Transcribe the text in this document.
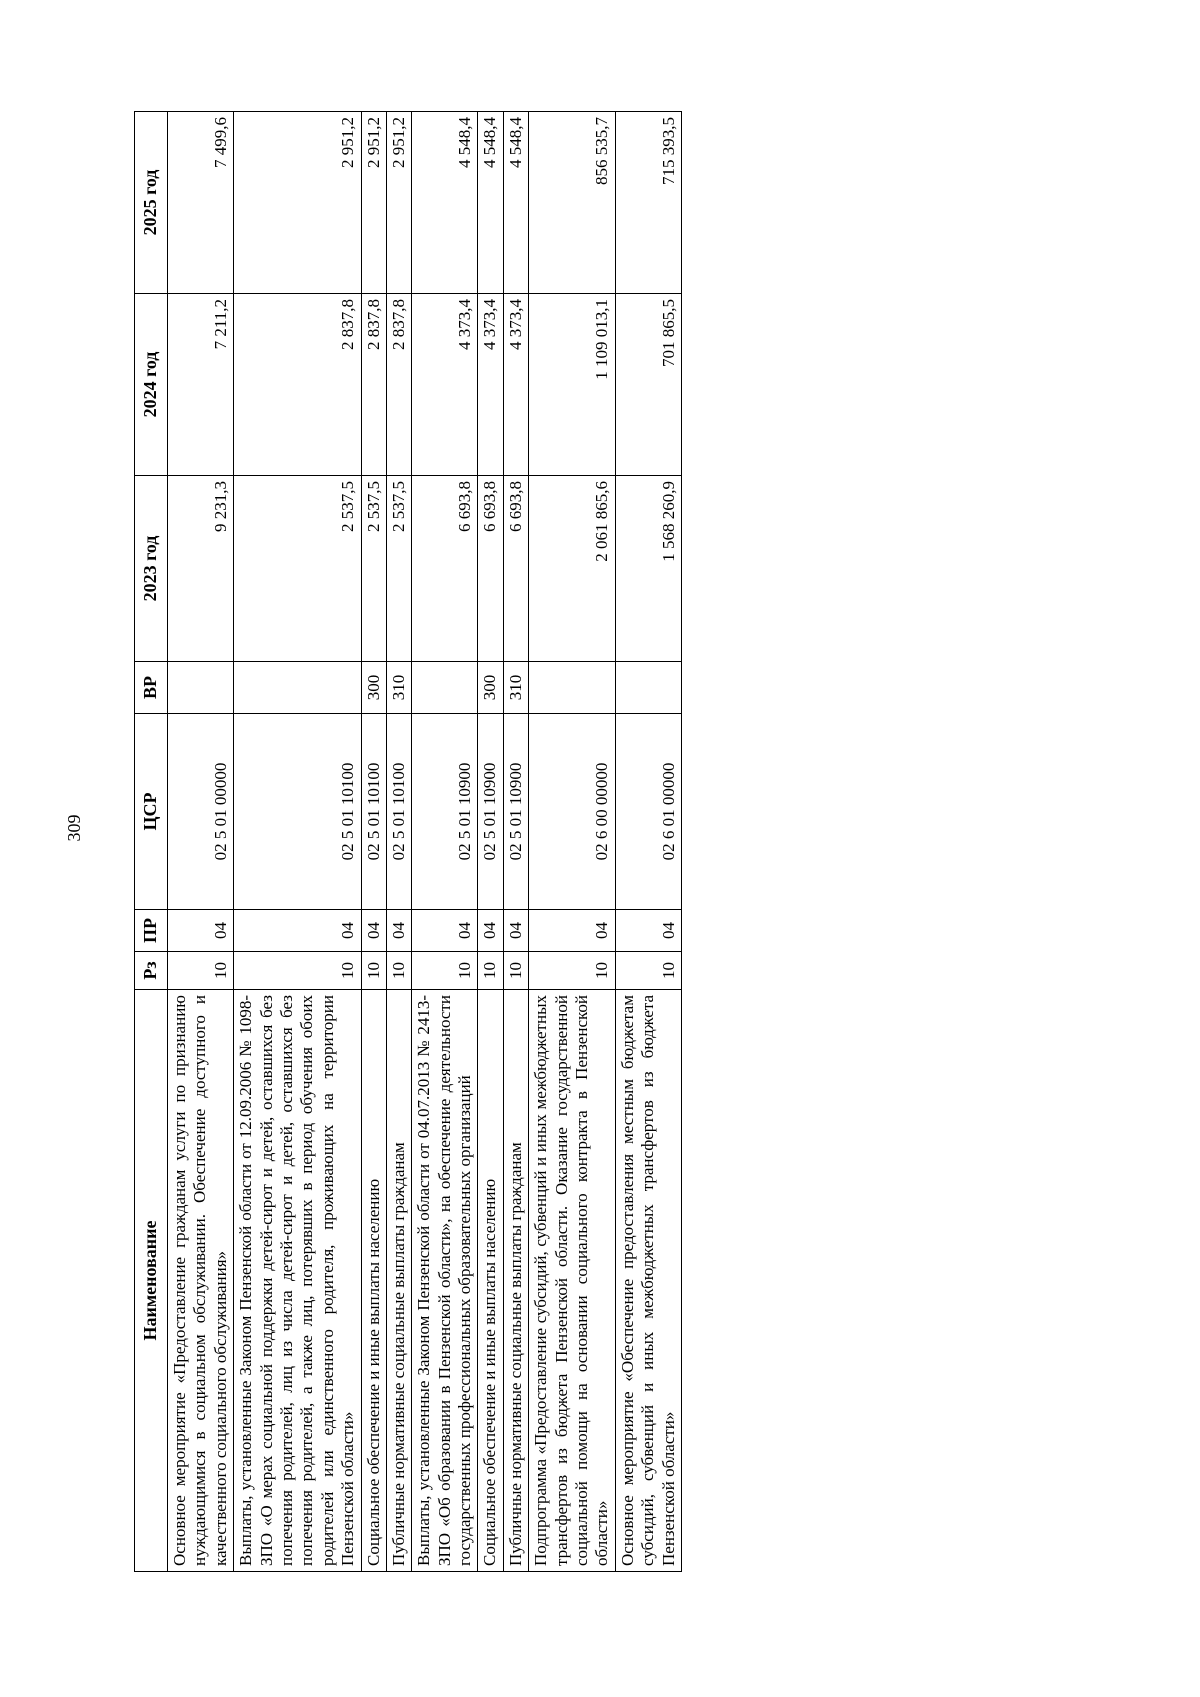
309
Наименование	Рз	ПР	ЦСР	ВР	2023 год	2024 год	2025 год
Основное мероприятие «Предоставление гражданам услуги по признанию нуждающимися в социальном обслуживании. Обеспечение доступного и качественного социального обслуживания»	10	04	02 5 01 00000		9 231,3	7 211,2	7 499,6
Выплаты, установленные Законом Пензенской области от 12.09.2006 № 1098-ЗПО «О мерах социальной поддержки детей-сирот и детей, оставшихся без попечения родителей, лиц из числа детей-сирот и детей, оставшихся без попечения родителей, а также лиц, потерявших в период обучения обоих родителей или единственного родителя, проживающих на территории Пензенской области»	10	04	02 5 01 10100		2 537,5	2 837,8	2 951,2
Социальное обеспечение и иные выплаты населению	10	04	02 5 01 10100	300	2 537,5	2 837,8	2 951,2
Публичные нормативные социальные выплаты гражданам	10	04	02 5 01 10100	310	2 537,5	2 837,8	2 951,2
Выплаты, установленные Законом Пензенской области от 04.07.2013 № 2413-ЗПО «Об образовании в Пензенской области», на обеспечение деятельности государственных профессиональных образовательных организаций	10	04	02 5 01 10900		6 693,8	4 373,4	4 548,4
Социальное обеспечение и иные выплаты населению	10	04	02 5 01 10900	300	6 693,8	4 373,4	4 548,4
Публичные нормативные социальные выплаты гражданам	10	04	02 5 01 10900	310	6 693,8	4 373,4	4 548,4
Подпрограмма «Предоставление субсидий, субвенций и иных межбюджетных трансфертов из бюджета Пензенской области. Оказание государственной социальной помощи на основании социального контракта в Пензенской области»	10	04	02 6 00 00000		2 061 865,6	1 109 013,1	856 535,7
Основное мероприятие «Обеспечение предоставления местным бюджетам субсидий, субвенций и иных межбюджетных трансфертов из бюджета Пензенской области»	10	04	02 6 01 00000		1 568 260,9	701 865,5	715 393,5
